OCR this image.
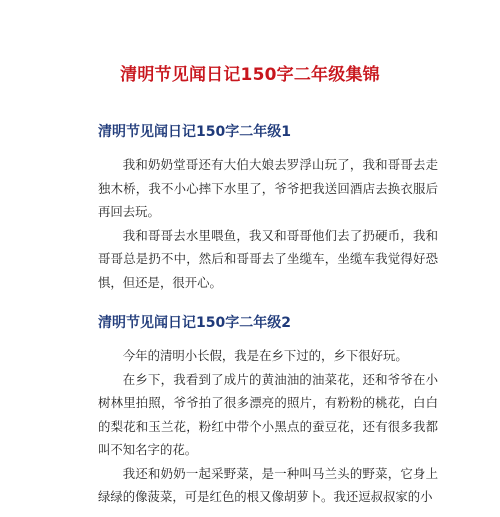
清明节见闻日记150字二年级集锦
清明节见闻日记150字二年级1

我和奶奶堂哥还有大伯大娘去罗浮山玩了，我和哥哥去走独木桥，我不小心摔下水里了，爷爷把我送回酒店去换衣服后再回去玩。

我和哥哥去水里喂鱼，我又和哥哥他们去了扔硬币，我和哥哥总是扔不中，然后和哥哥去了坐缆车，坐缆车我觉得好恐惧，但还是，很开心。

清明节见闻日记150字二年级2

今年的清明小长假，我是在乡下过的，乡下很好玩。

在乡下，我看到了成片的黄油油的油菜花，还和爷爷在小树林里拍照，爷爷拍了很多漂亮的照片，有粉粉的桃花，白白的梨花和玉兰花，粉红中带个小黑点的蚕豆花，还有很多我都叫不知名字的花。

我还和奶奶一起采野菜，是一种叫马兰头的野菜，它身上绿绿的像菠菜，可是红色的根又像胡萝卜。我还逗叔叔家的小
